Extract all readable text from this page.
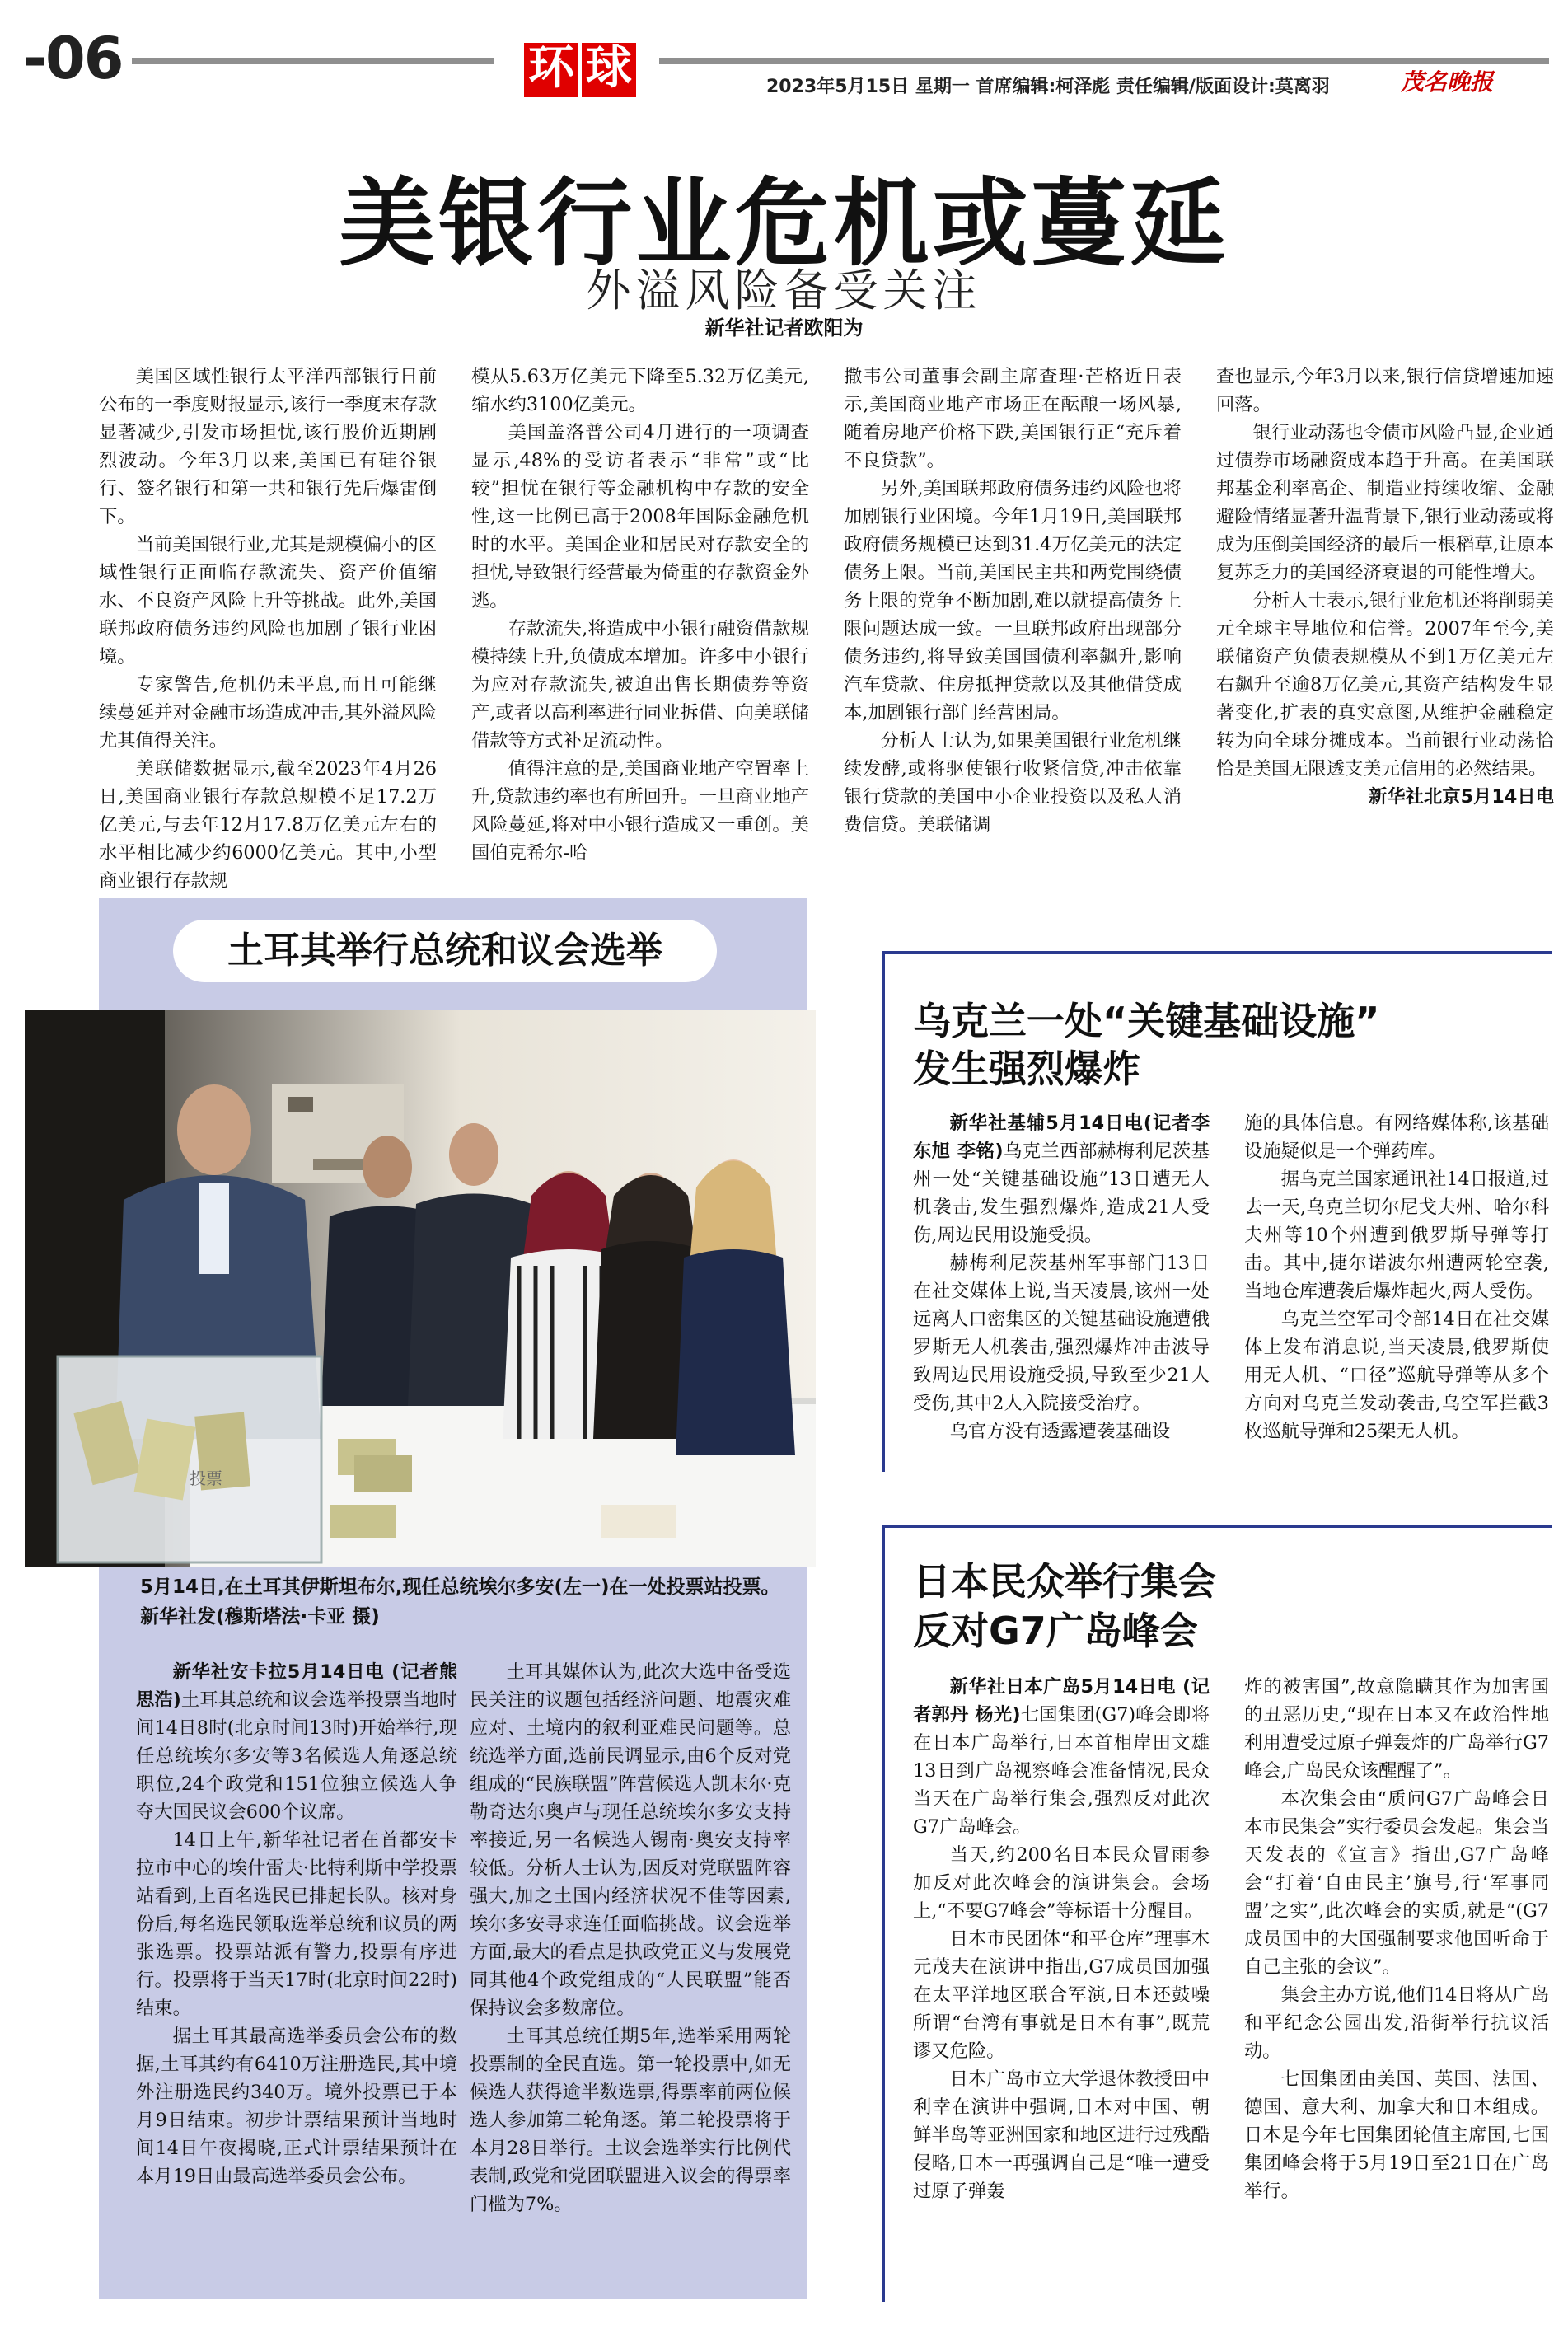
-06	环 球	2023年5月15日 星期一 首席编辑:柯泽彪 责任编辑/版面设计:莫离羽	茂名晚报
美银行业危机或蔓延
外溢风险备受关注
新华社记者欧阳为

美国区域性银行太平洋西部银行日前公布的一季度财报显示,该行一季度末存款显著减少,引发市场担忧,该行股价近期剧烈波动。今年3月以来,美国已有硅谷银行、签名银行和第一共和银行先后爆雷倒下。

当前美国银行业,尤其是规模偏小的区域性银行正面临存款流失、资产价值缩水、不良资产风险上升等挑战。此外,美国联邦政府债务违约风险也加剧了银行业困境。

专家警告,危机仍未平息,而且可能继续蔓延并对金融市场造成冲击,其外溢风险尤其值得关注。

美联储数据显示,截至2023年4月26日,美国商业银行存款总规模不足17.2万亿美元,与去年12月17.8万亿美元左右的水平相比减少约6000亿美元。其中,小型商业银行存款规

模从5.63万亿美元下降至5.32万亿美元,缩水约3100亿美元。

美国盖洛普公司4月进行的一项调查显示,48%的受访者表示“非常”或“比较”担忧在银行等金融机构中存款的安全性,这一比例已高于2008年国际金融危机时的水平。美国企业和居民对存款安全的担忧,导致银行经营最为倚重的存款资金外逃。

存款流失,将造成中小银行融资借款规模持续上升,负债成本增加。许多中小银行为应对存款流失,被迫出售长期债券等资产,或者以高利率进行同业拆借、向美联储借款等方式补足流动性。

值得注意的是,美国商业地产空置率上升,贷款违约率也有所回升。一旦商业地产风险蔓延,将对中小银行造成又一重创。美国伯克希尔-哈

撒韦公司董事会副主席查理·芒格近日表示,美国商业地产市场正在酝酿一场风暴,随着房地产价格下跌,美国银行正“充斥着不良贷款”。

另外,美国联邦政府债务违约风险也将加剧银行业困境。今年1月19日,美国联邦政府债务规模已达到31.4万亿美元的法定债务上限。当前,美国民主共和两党围绕债务上限的党争不断加剧,难以就提高债务上限问题达成一致。一旦联邦政府出现部分债务违约,将导致美国国债利率飙升,影响汽车贷款、住房抵押贷款以及其他借贷成本,加剧银行部门经营困局。

分析人士认为,如果美国银行业危机继续发酵,或将驱使银行收紧信贷,冲击依靠银行贷款的美国中小企业投资以及私人消费信贷。美联储调

查也显示,今年3月以来,银行信贷增速加速回落。

银行业动荡也令债市风险凸显,企业通过债券市场融资成本趋于升高。在美国联邦基金利率高企、制造业持续收缩、金融避险情绪显著升温背景下,银行业动荡或将成为压倒美国经济的最后一根稻草,让原本复苏乏力的美国经济衰退的可能性增大。

分析人士表示,银行业危机还将削弱美元全球主导地位和信誉。2007年至今,美联储资产负债表规模从不到1万亿美元左右飙升至逾8万亿美元,其资产结构发生显著变化,扩表的真实意图,从维护金融稳定转为向全球分摊成本。当前银行业动荡恰恰是美国无限透支美元信用的必然结果。

新华社北京5月14日电

土耳其举行总统和议会选举
投票
5月14日,在土耳其伊斯坦布尔,现任总统埃尔多安(左一)在一处投票站投票。新华社发(穆斯塔法·卡亚 摄)

新华社安卡拉5月14日电 (记者熊思浩)土耳其总统和议会选举投票当地时间14日8时(北京时间13时)开始举行,现任总统埃尔多安等3名候选人角逐总统职位,24个政党和151位独立候选人争夺大国民议会600个议席。

14日上午,新华社记者在首都安卡拉市中心的埃什雷夫·比特利斯中学投票站看到,上百名选民已排起长队。核对身份后,每名选民领取选举总统和议员的两张选票。投票站派有警力,投票有序进行。投票将于当天17时(北京时间22时)结束。

据土耳其最高选举委员会公布的数据,土耳其约有6410万注册选民,其中境外注册选民约340万。境外投票已于本月9日结束。初步计票结果预计当地时间14日午夜揭晓,正式计票结果预计在本月19日由最高选举委员会公布。

土耳其媒体认为,此次大选中备受选民关注的议题包括经济问题、地震灾难应对、土境内的叙利亚难民问题等。总统选举方面,选前民调显示,由6个反对党组成的“民族联盟”阵营候选人凯末尔·克勒奇达尔奥卢与现任总统埃尔多安支持率接近,另一名候选人锡南·奥安支持率较低。分析人士认为,因反对党联盟阵容强大,加之土国内经济状况不佳等因素,埃尔多安寻求连任面临挑战。议会选举方面,最大的看点是执政党正义与发展党同其他4个政党组成的“人民联盟”能否保持议会多数席位。

土耳其总统任期5年,选举采用两轮投票制的全民直选。第一轮投票中,如无候选人获得逾半数选票,得票率前两位候选人参加第二轮角逐。第二轮投票将于本月28日举行。土议会选举实行比例代表制,政党和党团联盟进入议会的得票率门槛为7%。

乌克兰一处“关键基础设施”
发生强烈爆炸

新华社基辅5月14日电(记者李东旭 李铭)乌克兰西部赫梅利尼茨基州一处“关键基础设施”13日遭无人机袭击,发生强烈爆炸,造成21人受伤,周边民用设施受损。

赫梅利尼茨基州军事部门13日在社交媒体上说,当天凌晨,该州一处远离人口密集区的关键基础设施遭俄罗斯无人机袭击,强烈爆炸冲击波导致周边民用设施受损,导致至少21人受伤,其中2人入院接受治疗。

乌官方没有透露遭袭基础设

施的具体信息。有网络媒体称,该基础设施疑似是一个弹药库。

据乌克兰国家通讯社14日报道,过去一天,乌克兰切尔尼戈夫州、哈尔科夫州等10个州遭到俄罗斯导弹等打击。其中,捷尔诺波尔州遭两轮空袭,当地仓库遭袭后爆炸起火,两人受伤。

乌克兰空军司令部14日在社交媒体上发布消息说,当天凌晨,俄罗斯使用无人机、“口径”巡航导弹等从多个方向对乌克兰发动袭击,乌空军拦截3枚巡航导弹和25架无人机。

日本民众举行集会
反对G7广岛峰会

新华社日本广岛5月14日电 (记者郭丹 杨光)七国集团(G7)峰会即将在日本广岛举行,日本首相岸田文雄13日到广岛视察峰会准备情况,民众当天在广岛举行集会,强烈反对此次G7广岛峰会。

当天,约200名日本民众冒雨参加反对此次峰会的演讲集会。会场上,“不要G7峰会”等标语十分醒目。

日本市民团体“和平仓库”理事木元茂夫在演讲中指出,G7成员国加强在太平洋地区联合军演,日本还鼓噪所谓“台湾有事就是日本有事”,既荒谬又危险。

日本广岛市立大学退休教授田中利幸在演讲中强调,日本对中国、朝鲜半岛等亚洲国家和地区进行过残酷侵略,日本一再强调自己是“唯一遭受过原子弹轰

炸的被害国”,故意隐瞒其作为加害国的丑恶历史,“现在日本又在政治性地利用遭受过原子弹轰炸的广岛举行G7峰会,广岛民众该醒醒了”。

本次集会由“质问G7广岛峰会日本市民集会”实行委员会发起。集会当天发表的《宣言》指出,G7广岛峰会“打着‘自由民主’旗号,行‘军事同盟’之实”,此次峰会的实质,就是“(G7成员国中的大国强制要求他国听命于自己主张的会议”。

集会主办方说,他们14日将从广岛和平纪念公园出发,沿街举行抗议活动。

七国集团由美国、英国、法国、德国、意大利、加拿大和日本组成。日本是今年七国集团轮值主席国,七国集团峰会将于5月19日至21日在广岛举行。
